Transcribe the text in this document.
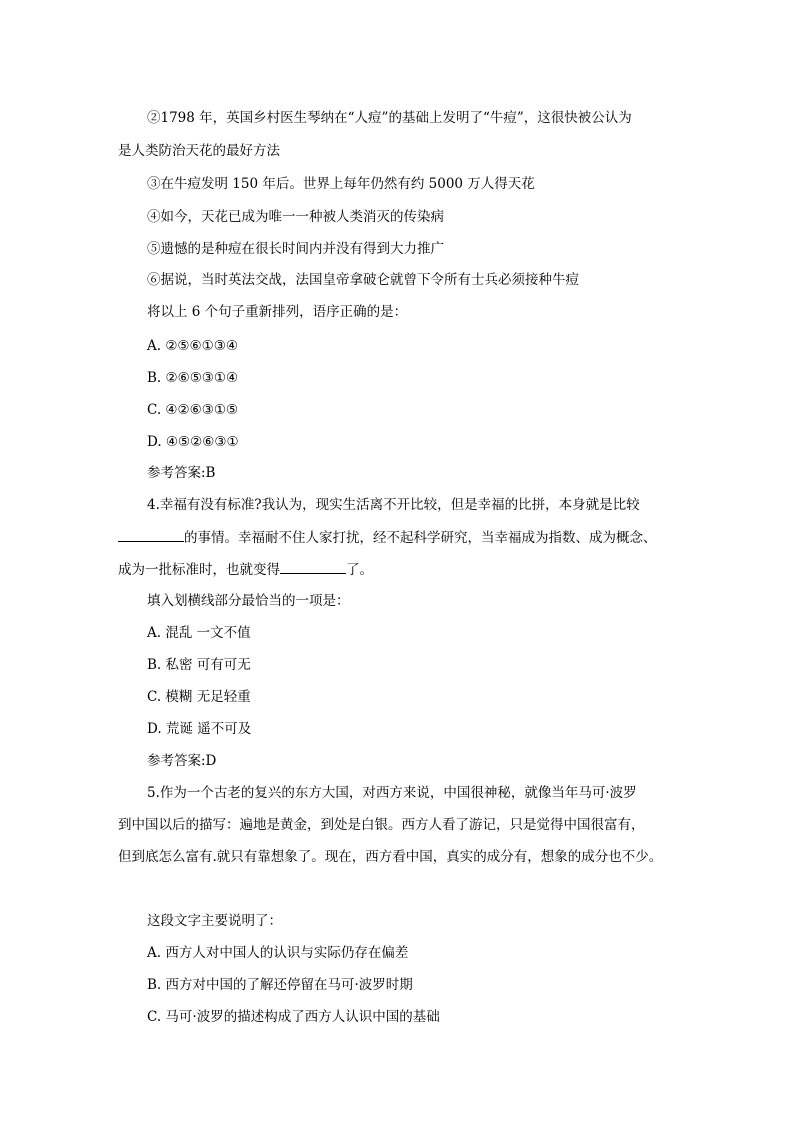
②1798 年，英国乡村医生琴纳在“人痘”的基础上发明了“牛痘”，这很快被公认为
是人类防治天花的最好方法
③在牛痘发明 150 年后。世界上每年仍然有约 5000 万人得天花
④如今，天花已成为唯一一种被人类消灭的传染病
⑤遗憾的是种痘在很长时间内并没有得到大力推广
⑥据说，当时英法交战，法国皇帝拿破仑就曾下令所有士兵必须接种牛痘
将以上 6 个句子重新排列，语序正确的是：
A. ②⑤⑥①③④
B. ②⑥⑤③①④
C. ④②⑥③①⑤
D. ④⑤②⑥③①
参考答案:B
4.幸福有没有标准?我认为，现实生活离不开比较，但是幸福的比拼，本身就是比较
的事情。幸福耐不住人家打扰，经不起科学研究，当幸福成为指数、成为概念、
成为一批标准时，也就变得	了。
填入划横线部分最恰当的一项是：
A. 混乱 一文不值
B. 私密 可有可无
C. 模糊 无足轻重
D. 荒诞 遥不可及
参考答案:D
5.作为一个古老的复兴的东方大国，对西方来说，中国很神秘，就像当年马可·波罗
到中国以后的描写：遍地是黄金，到处是白银。西方人看了游记，只是觉得中国很富有，
但到底怎么富有.就只有靠想象了。现在，西方看中国，真实的成分有，想象的成分也不少。
这段文字主要说明了：
A. 西方人对中国人的认识与实际仍存在偏差
B. 西方对中国的了解还停留在马可·波罗时期
C. 马可·波罗的描述构成了西方人认识中国的基础
